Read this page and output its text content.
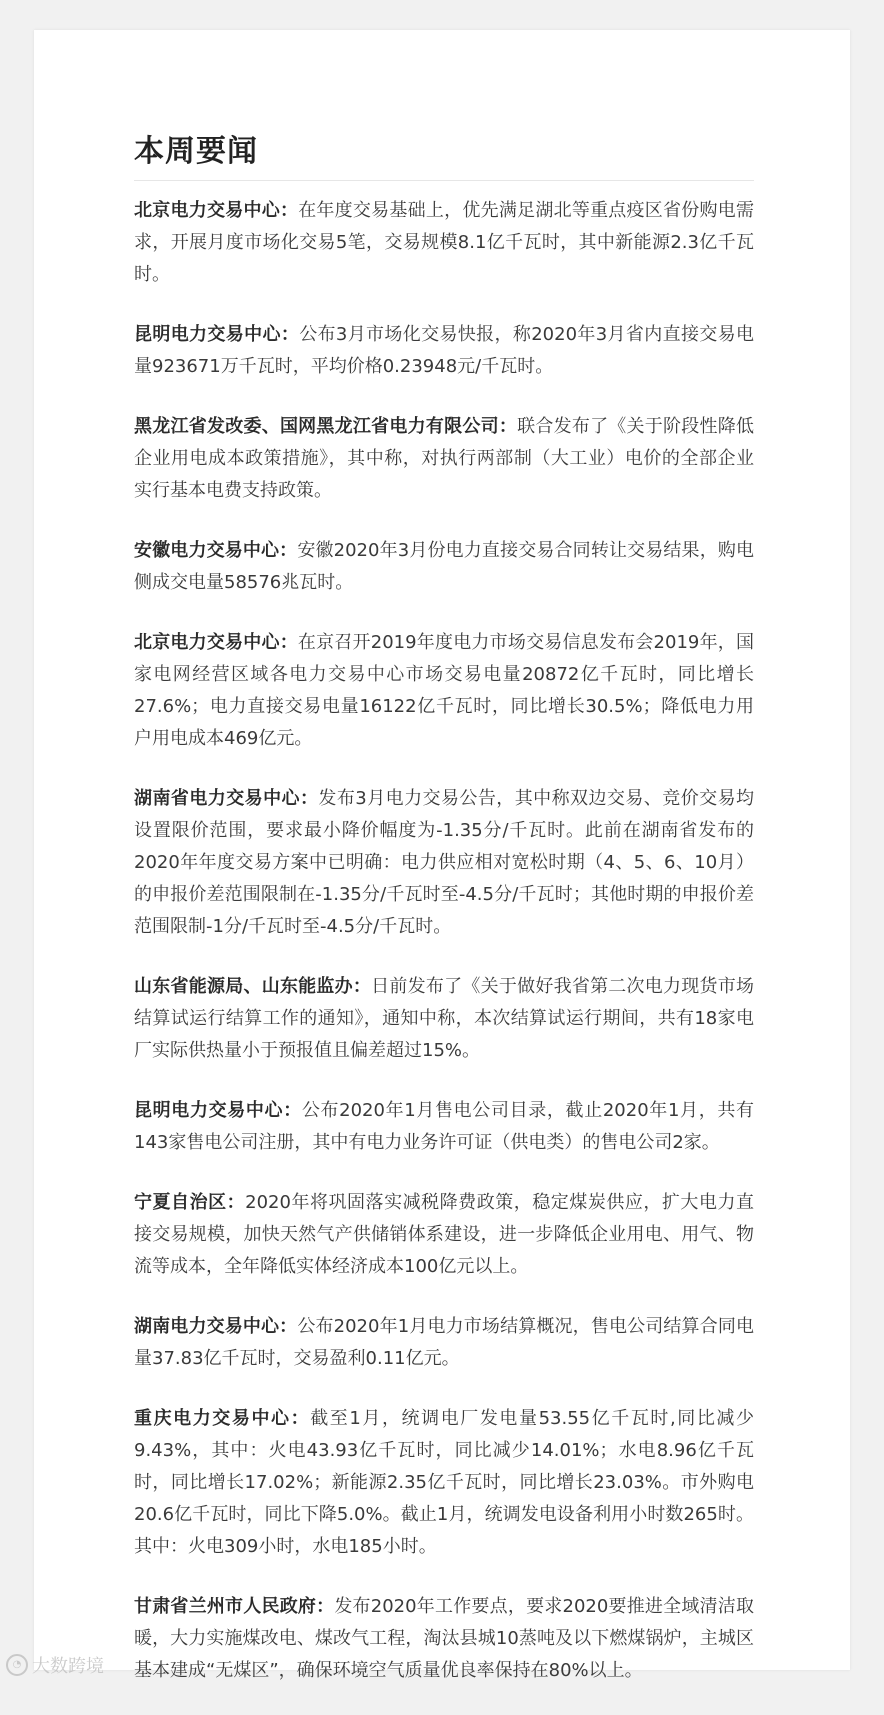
本周要闻

北京电力交易中心：在年度交易基础上，优先满足湖北等重点疫区省份购电需求，开展月度市场化交易5笔，交易规模8.1亿千瓦时，其中新能源2.3亿千瓦时。

昆明电力交易中心：公布3月市场化交易快报，称2020年3月省内直接交易电量923671万千瓦时，平均价格0.23948元/千瓦时。

黑龙江省发改委、国网黑龙江省电力有限公司：联合发布了《关于阶段性降低企业用电成本政策措施》，其中称，对执行两部制（大工业）电价的全部企业实行基本电费支持政策。

安徽电力交易中心：安徽2020年3月份电力直接交易合同转让交易结果，购电侧成交电量58576兆瓦时。

北京电力交易中心：在京召开2019年度电力市场交易信息发布会2019年，国家电网经营区域各电力交易中心市场交易电量20872亿千瓦时，同比增长27.6%；电力直接交易电量16122亿千瓦时，同比增长30.5%；降低电力用户用电成本469亿元。

湖南省电力交易中心：发布3月电力交易公告，其中称双边交易、竞价交易均设置限价范围，要求最小降价幅度为-1.35分/千瓦时。此前在湖南省发布的2020年年度交易方案中已明确：电力供应相对宽松时期（4、5、6、10月）的申报价差范围限制在-1.35分/千瓦时至-4.5分/千瓦时；其他时期的申报价差范围限制-1分/千瓦时至-4.5分/千瓦时。

山东省能源局、山东能监办：日前发布了《关于做好我省第二次电力现货市场结算试运行结算工作的通知》，通知中称，本次结算试运行期间，共有18家电厂实际供热量小于预报值且偏差超过15%。

昆明电力交易中心：公布2020年1月售电公司目录，截止2020年1月，共有143家售电公司注册，其中有电力业务许可证（供电类）的售电公司2家。

宁夏自治区：2020年将巩固落实减税降费政策，稳定煤炭供应，扩大电力直接交易规模，加快天然气产供储销体系建设，进一步降低企业用电、用气、物流等成本，全年降低实体经济成本100亿元以上。

湖南电力交易中心：公布2020年1月电力市场结算概况，售电公司结算合同电量37.83亿千瓦时，交易盈利0.11亿元。

重庆电力交易中心：截至1月，统调电厂发电量53.55亿千瓦时,同比减少9.43%，其中：火电43.93亿千瓦时，同比减少14.01%；水电8.96亿千瓦时，同比增长17.02%；新能源2.35亿千瓦时，同比增长23.03%。市外购电20.6亿千瓦时，同比下降5.0%。截止1月，统调发电设备利用小时数265时。其中：火电309小时，水电185小时。

甘肃省兰州市人民政府：发布2020年工作要点，要求2020要推进全域清洁取暖，大力实施煤改电、煤改气工程，淘汰县城10蒸吨及以下燃煤锅炉，主城区基本建成“无煤区”，确保环境空气质量优良率保持在80%以上。

◔ 大数跨境
